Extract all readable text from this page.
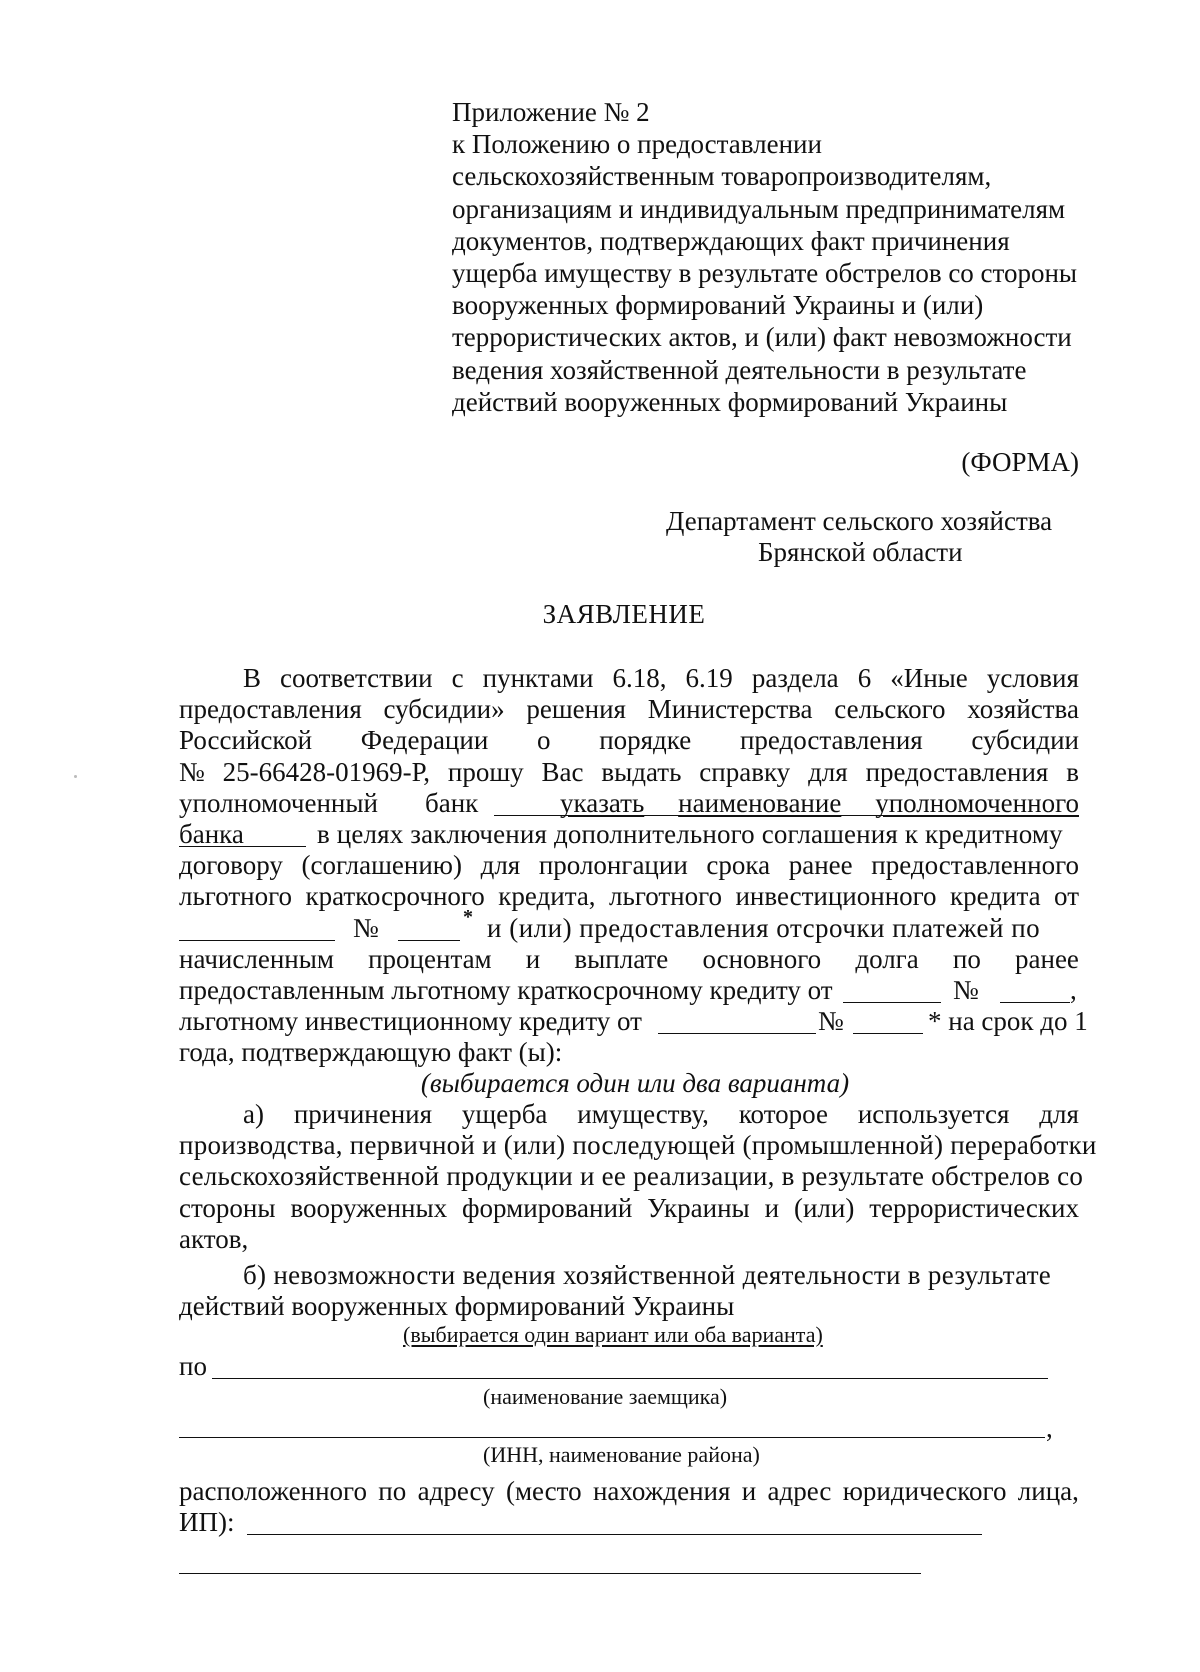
Приложение № 2
к Положению о предоставлении
сельскохозяйственным товаропроизводителям,
организациям и индивидуальным предпринимателям
документов, подтверждающих факт причинения
ущерба имуществу в результате обстрелов со стороны
вооруженных формирований Украины и (или)
террористических актов, и (или) факт невозможности
ведения хозяйственной деятельности в результате
действий вооруженных формирований Украины
(ФОРМА)
Департамент сельского хозяйства
Брянской области
ЗАЯВЛЕНИЕ
В соответствии с пунктами 6.18, 6.19 раздела 6 «Иные условия
предоставления субсидии» решения Министерства сельского хозяйства
Российской Федерации о порядке предоставления субсидии
№ 25-66428-01969-Р, прошу Вас выдать справку для предоставления в
уполномоченный банк	указать наименование уполномоченного
банка	в целях заключения дополнительного соглашения к кредитному
договору (соглашению) для пролонгации срока ранее предоставленного
льготного краткосрочного кредита, льготного инвестиционного кредита от
№	* и (или) предоставления отсрочки платежей по
начисленным процентам и выплате основного долга по ранее
предоставленным льготному краткосрочному кредиту от	№	,
льготному инвестиционному кредиту от	№	* на срок до 1
года, подтверждающую факт (ы):
(выбирается один или два варианта)
а) причинения ущерба имуществу, которое используется для
производства, первичной и (или) последующей (промышленной) переработки
сельскохозяйственной продукции и ее реализации, в результате обстрелов со
стороны вооруженных формирований Украины и (или) террористических
актов,
б) невозможности ведения хозяйственной деятельности в результате
действий вооруженных формирований Украины
(выбирается один вариант или оба варианта)
по
(наименование заемщика)
,
(ИНН, наименование района)
расположенного по адресу (место нахождения и адрес юридического лица,
ИП):
